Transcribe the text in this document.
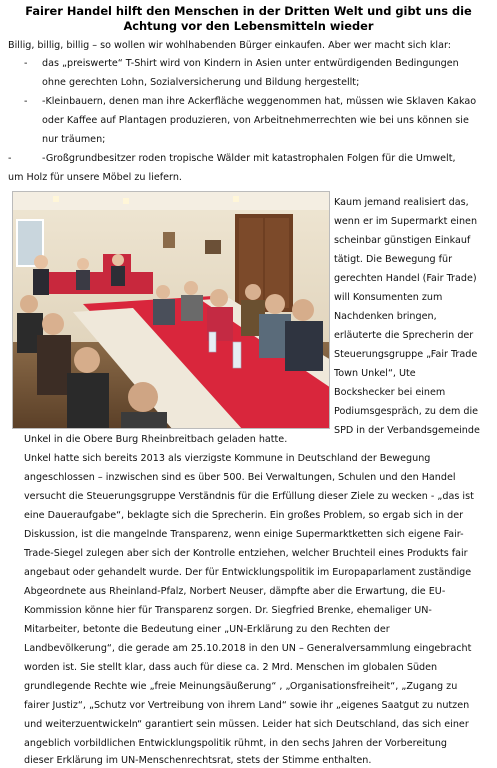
Fairer Handel hilft den Menschen in der Dritten Welt und gibt uns die Achtung vor den Lebensmitteln wieder
Billig, billig, billig – so wollen wir wohlhabenden Bürger einkaufen. Aber wer macht sich klar:
- das „preiswerte“ T-Shirt wird von Kindern in Asien unter entwürdigenden Bedingungen
ohne gerechten Lohn, Sozialversicherung und Bildung hergestellt;
- -Kleinbauern, denen man ihre Ackerfläche weggenommen hat, müssen wie Sklaven Kakao
oder Kaffee auf Plantagen produzieren, von Arbeitnehmerrechten wie bei uns können sie
nur träumen;
-	-Großgrundbesitzer roden tropische Wälder mit katastrophalen Folgen für die Umwelt,
um Holz für unsere Möbel zu liefern.
Kaum jemand realisiert das,
wenn er im Supermarkt einen
scheinbar günstigen Einkauf
tätigt. Die Bewegung für
gerechten Handel (Fair Trade)
will Konsumenten zum
Nachdenken bringen,
erläuterte die Sprecherin der
Steuerungsgruppe „Fair Trade
Town Unkel“, Ute
Bockshecker bei einem
Podiumsgespräch, zu dem die
SPD in der Verbandsgemeinde
Unkel in die Obere Burg Rheinbreitbach geladen hatte.
Unkel hatte sich bereits 2013 als vierzigste Kommune in Deutschland der Bewegung
angeschlossen – inzwischen sind es über 500. Bei Verwaltungen, Schulen und den Handel
versucht die Steuerungsgruppe Verständnis für die Erfüllung dieser Ziele zu wecken - „das ist
eine Daueraufgabe“, beklagte sich die Sprecherin. Ein großes Problem, so ergab sich in der
Diskussion, ist die mangelnde Transparenz, wenn einige Supermarktketten sich eigene Fair-
Trade-Siegel zulegen aber sich der Kontrolle entziehen, welcher Bruchteil eines Produkts fair
angebaut oder gehandelt wurde. Der für Entwicklungspolitik im Europaparlament zuständige
Abgeordnete aus Rheinland-Pfalz, Norbert Neuser, dämpfte aber die Erwartung, die EU-
Kommission könne hier für Transparenz sorgen. Dr. Siegfried Brenke, ehemaliger UN-
Mitarbeiter, betonte die Bedeutung einer „UN-Erklärung zu den Rechten der
Landbevölkerung“, die gerade am 25.10.2018 in den UN – Generalversammlung eingebracht
worden ist. Sie stellt klar, dass auch für diese ca. 2 Mrd. Menschen im globalen Süden
grundlegende Rechte wie „freie Meinungsäußerung“ , „Organisationsfreiheit“, „Zugang zu
fairer Justiz“, „Schutz vor Vertreibung von ihrem Land“ sowie ihr „eigenes Saatgut zu nutzen
und weiterzuentwickeln“ garantiert sein müssen. Leider hat sich Deutschland, das sich einer
angeblich vorbildlichen Entwicklungspolitik rühmt, in den sechs Jahren der Vorbereitung
dieser Erklärung im UN-Menschenrechtsrat, stets der Stimme enthalten.
